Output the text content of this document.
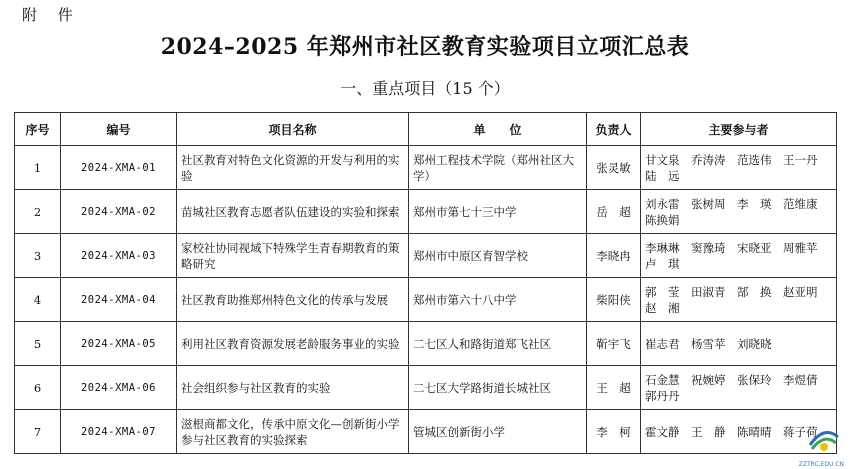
附 件
2024–2025 年郑州市社区教育实验项目立项汇总表
一、重点项目（15 个）
序号	编号	项目名称	单　　位	负责人	主要参与者
1	2024-XMA-01	社区教育对特色文化资源的开发与利用的实验	郑州工程技术学院（郑州社区大学）	张灵敏	甘文泉　乔涛涛　范选伟　王一丹　陆　远
2	2024-XMA-02	苗城社区教育志愿者队伍建设的实验和探索	郑州市第七十三中学	岳　超	刘永雷　张树周　李　瑛　范维康　陈换娟
3	2024-XMA-03	家校社协同视域下特殊学生青春期教育的策略研究	郑州市中原区育智学校	李晓冉	李琳琳　窦豫琦　宋晓亚　周雅苹　卢　琪
4	2024-XMA-04	社区教育助推郑州特色文化的传承与发展	郑州市第六十八中学	柴阳侠	郭　莹　田淑青　郜　换　赵亚明　赵　湘
5	2024-XMA-05	利用社区教育资源发展老龄服务事业的实验	二七区人和路街道郑飞社区	靳宇飞	崔志君　杨雪苹　刘晓晓
6	2024-XMA-06	社会组织参与社区教育的实验	二七区大学路街道长城社区	王　超	石金慧　祝婉婷　张保玲　李煜倩　郭丹丹
7	2024-XMA-07	滋根商都文化，传承中原文化—创新街小学参与社区教育的实验探索	管城区创新街小学	李　柯	霍文静　王　静　陈晴晴　蒋子荷
ZZTRC.EDU.CN
